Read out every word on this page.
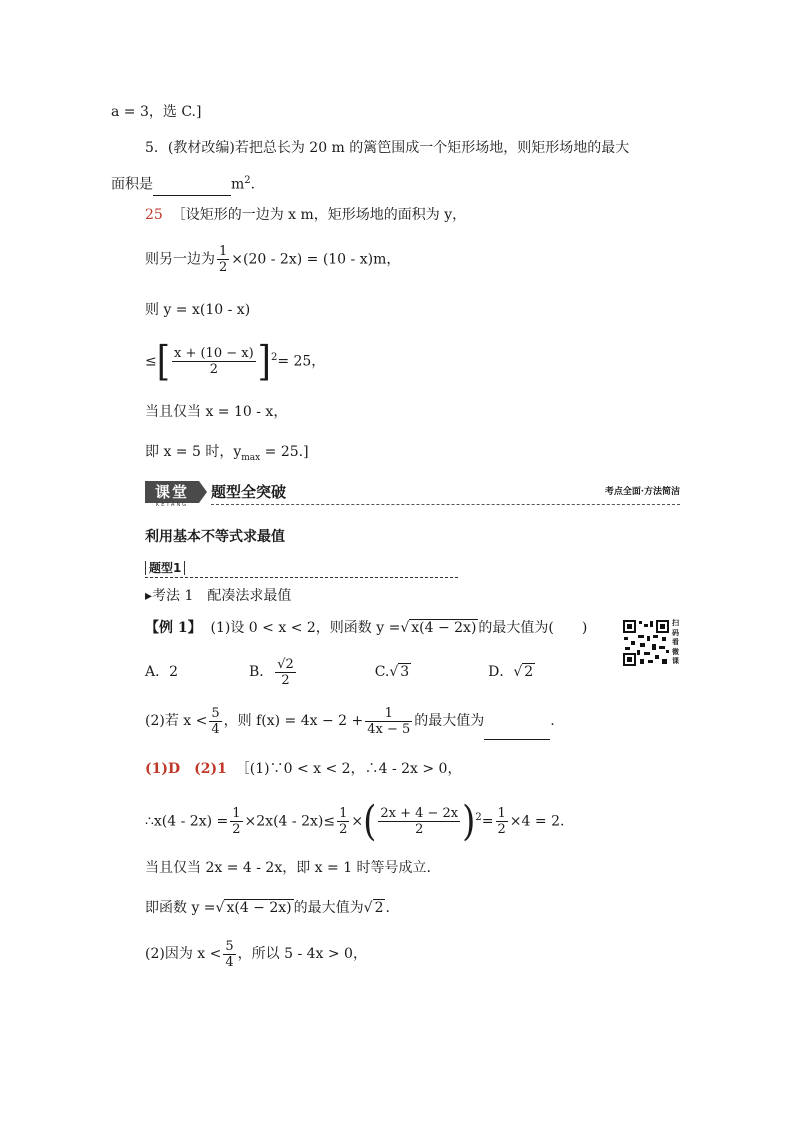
a = 3，选 C.]
5．(教材改编)若把总长为 20 m 的篱笆围成一个矩形场地，则矩形场地的最大
面积是	$m^2$.
25 ［设矩形的一边为 x m，矩形场地的面积为 y，
则另一边为 $\frac{1}{2} \times(20 - 2x) = (10 - x)m$，
则 y = x(10 - x)
≤[ $\frac{x + (10 - x)}{2} ]^2= 25$，
当且仅当 x = 10 - x，
即 x = 5 时，$y_{max} = 25$.]
课堂
KETANG
题型全突破	考点全面·方法简洁
利用基本不等式求最值
题型1
▸考法 1　配凑法求最值
【例 1】 (1)设 0 < x < 2，则函数 y =√ x(4 − 2x) 的最大值为(　　)	扫码看微课
A．2	B． $\frac{√2}{2}$	C.√ 3	D．√ 2
(2)若 $x < \frac{5}{4}$ ，则 $f(x) = 4x - 2 + \frac{1}{4x - 5}$ 的最大值为	.
(1)D　(2)1 ［(1)∵0 < x < 2，∴4 - 2x > 0，
∴x(4 - $2x) = \frac{1}{2} \times 2x(4 - 2x)\le \frac{1}{2}$ ×( $\frac{2x + 4 - 2x}{2} )^2= \frac{1}{2} \times 4 = 2$.
当且仅当 2x = 4 - 2x，即 x = 1 时等号成立.
即函数 y =√ x(4 − 2x) 的最大值为√ 2 .
(2)因为 $x < \frac{5}{4}$ ，所以 5 - 4x > 0，
